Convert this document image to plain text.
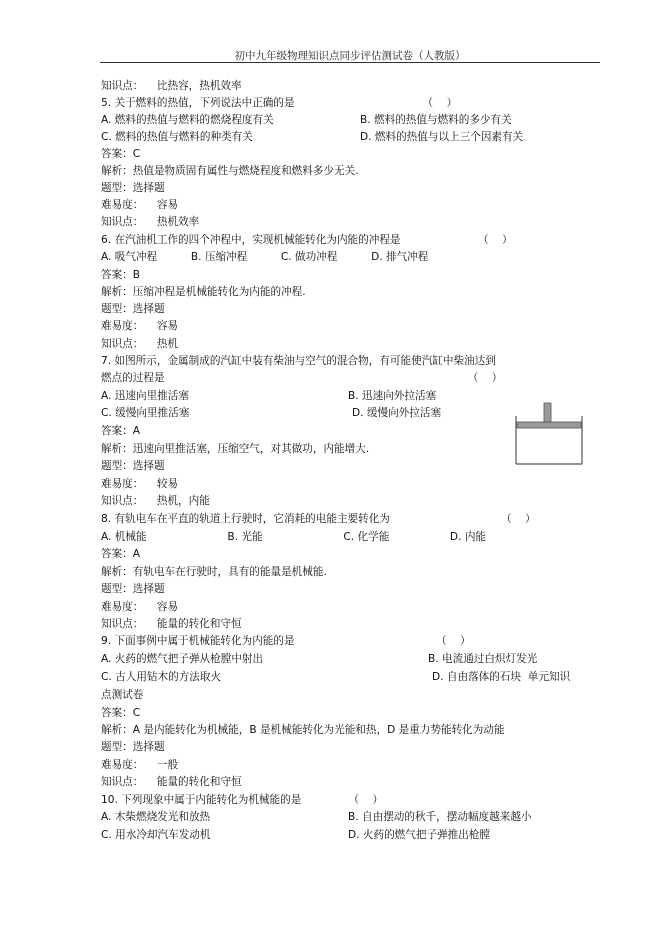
初中九年级物理知识点同步评估测试卷（人教版）
知识点：    比热容，热机效率
5. 关于燃料的热值，下列说法中正确的是                                      （    ）
A. 燃料的热值与燃料的燃烧程度有关	B. 燃料的热值与燃料的多少有关
C. 燃料的热值与燃料的种类有关	D. 燃料的热值与以上三个因素有关
答案：C
解析：热值是物质固有属性与燃烧程度和燃料多少无关.
题型：选择题
难易度：    容易
知识点：    热机效率
6. 在汽油机工作的四个冲程中，实现机械能转化为内能的冲程是                       （    ）
A. 吸气冲程          B. 压缩冲程          C. 做功冲程          D. 排气冲程
答案：B
解析：压缩冲程是机械能转化为内能的冲程.
题型：选择题
难易度：    容易
知识点：    热机
7. 如图所示，金属制成的汽缸中装有柴油与空气的混合物，有可能使汽缸中柴油达到
燃点的过程是                                                                                          （    ）
A. 迅速向里推活塞	B. 迅速向外拉活塞
C. 缓慢向里推活塞	D. 缓慢向外拉活塞
答案：A
解析：迅速向里推活塞，压缩空气，对其做功，内能增大.
题型：选择题
难易度：    较易
知识点：    热机，内能
8. 有轨电车在平直的轨道上行驶时，它消耗的电能主要转化为                                 （    ）
A. 机械能                        B. 光能                        C. 化学能                  D. 内能
答案：A
解析：有轨电车在行驶时，具有的能量是机械能.
题型：选择题
难易度：    容易
知识点：    能量的转化和守恒
9. 下面事例中属于机械能转化为内能的是                                          （    ）
A. 火药的燃气把子弹从枪膛中射出	B. 电流通过白炽灯发光
C. 古人用钻木的方法取火	D. 自由落体的石块  单元知识
点测试卷
答案：C
解析：A 是内能转化为机械能，B 是机械能转化为光能和热，D 是重力势能转化为动能
题型：选择题
难易度：    一般
知识点：    能量的转化和守恒
10. 下列现象中属于内能转化为机械能的是              （    ）
A. 木柴燃烧发光和放热	B. 自由摆动的秋千，摆动幅度越来越小
C. 用水冷却汽车发动机	D. 火药的燃气把子弹推出枪膛
